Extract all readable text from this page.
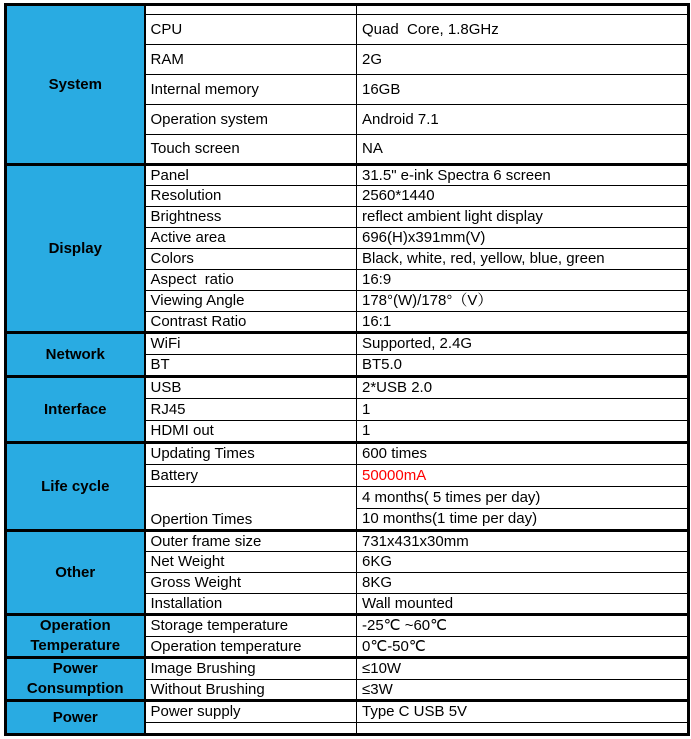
System		
	CPU	Quad  Core, 1.8GHz
	RAM	2G
	Internal memory	16GB
	Operation system	Android 7.1
	Touch screen	NA
Display	Panel	31.5" e-ink Spectra 6 screen
	Resolution	2560*1440
	Brightness	reflect ambient light display
	Active area	696(H)x391mm(V)
	Colors	Black, white, red, yellow, blue, green
	Aspect  ratio	16:9
	Viewing Angle	178°(W)/178°（V）
	Contrast Ratio	16:1
Network	WiFi	Supported, 2.4G
	BT	BT5.0
Interface	USB	2*USB 2.0
	RJ45	1
	HDMI out	1
Life cycle	Updating Times	600 times
	Battery	50000mA
	Opertion Times	4 months( 5 times per day)
		10 months(1 time per day)
Other	Outer frame size	731x431x30mm
	Net Weight	6KG
	Gross Weight	8KG
	Installation	Wall mounted
Operation Temperature	Storage temperature	-25℃ ~60℃
	Operation temperature	0℃-50℃
Power Consumption	Image Brushing	≤10W
	Without Brushing	≤3W
Power	Power supply	Type C USB 5V
